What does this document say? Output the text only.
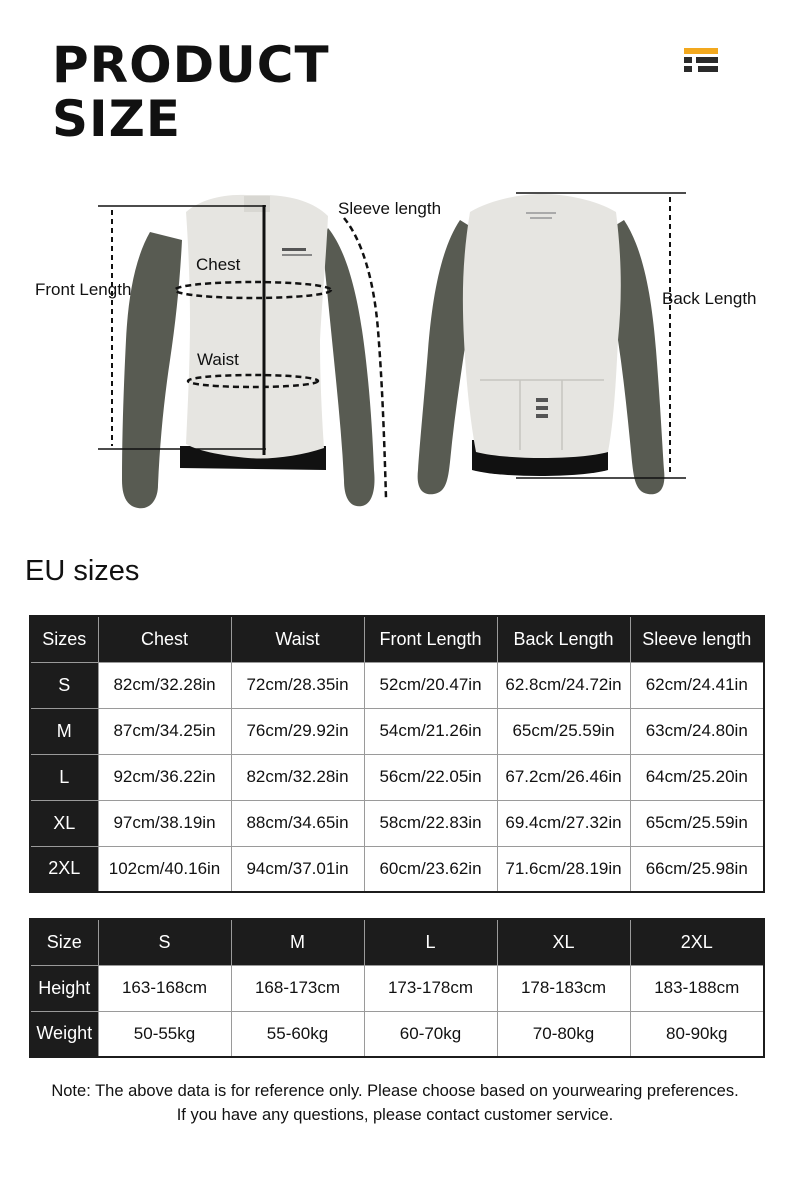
PRODUCT
SIZE
Front Length
Chest
Waist
Sleeve length
Back Length
EU sizes
Sizes	Chest	Waist	Front Length	Back Length	Sleeve length
S	82cm/32.28in	72cm/28.35in	52cm/20.47in	62.8cm/24.72in	62cm/24.41in
M	87cm/34.25in	76cm/29.92in	54cm/21.26in	65cm/25.59in	63cm/24.80in
L	92cm/36.22in	82cm/32.28in	56cm/22.05in	67.2cm/26.46in	64cm/25.20in
XL	97cm/38.19in	88cm/34.65in	58cm/22.83in	69.4cm/27.32in	65cm/25.59in
2XL	102cm/40.16in	94cm/37.01in	60cm/23.62in	71.6cm/28.19in	66cm/25.98in
Size	S	M	L	XL	2XL
Height	163-168cm	168-173cm	173-178cm	178-183cm	183-188cm
Weight	50-55kg	55-60kg	60-70kg	70-80kg	80-90kg
Note: The above data is for reference only. Please choose based on yourwearing preferences.
If you have any questions, please contact customer service.
